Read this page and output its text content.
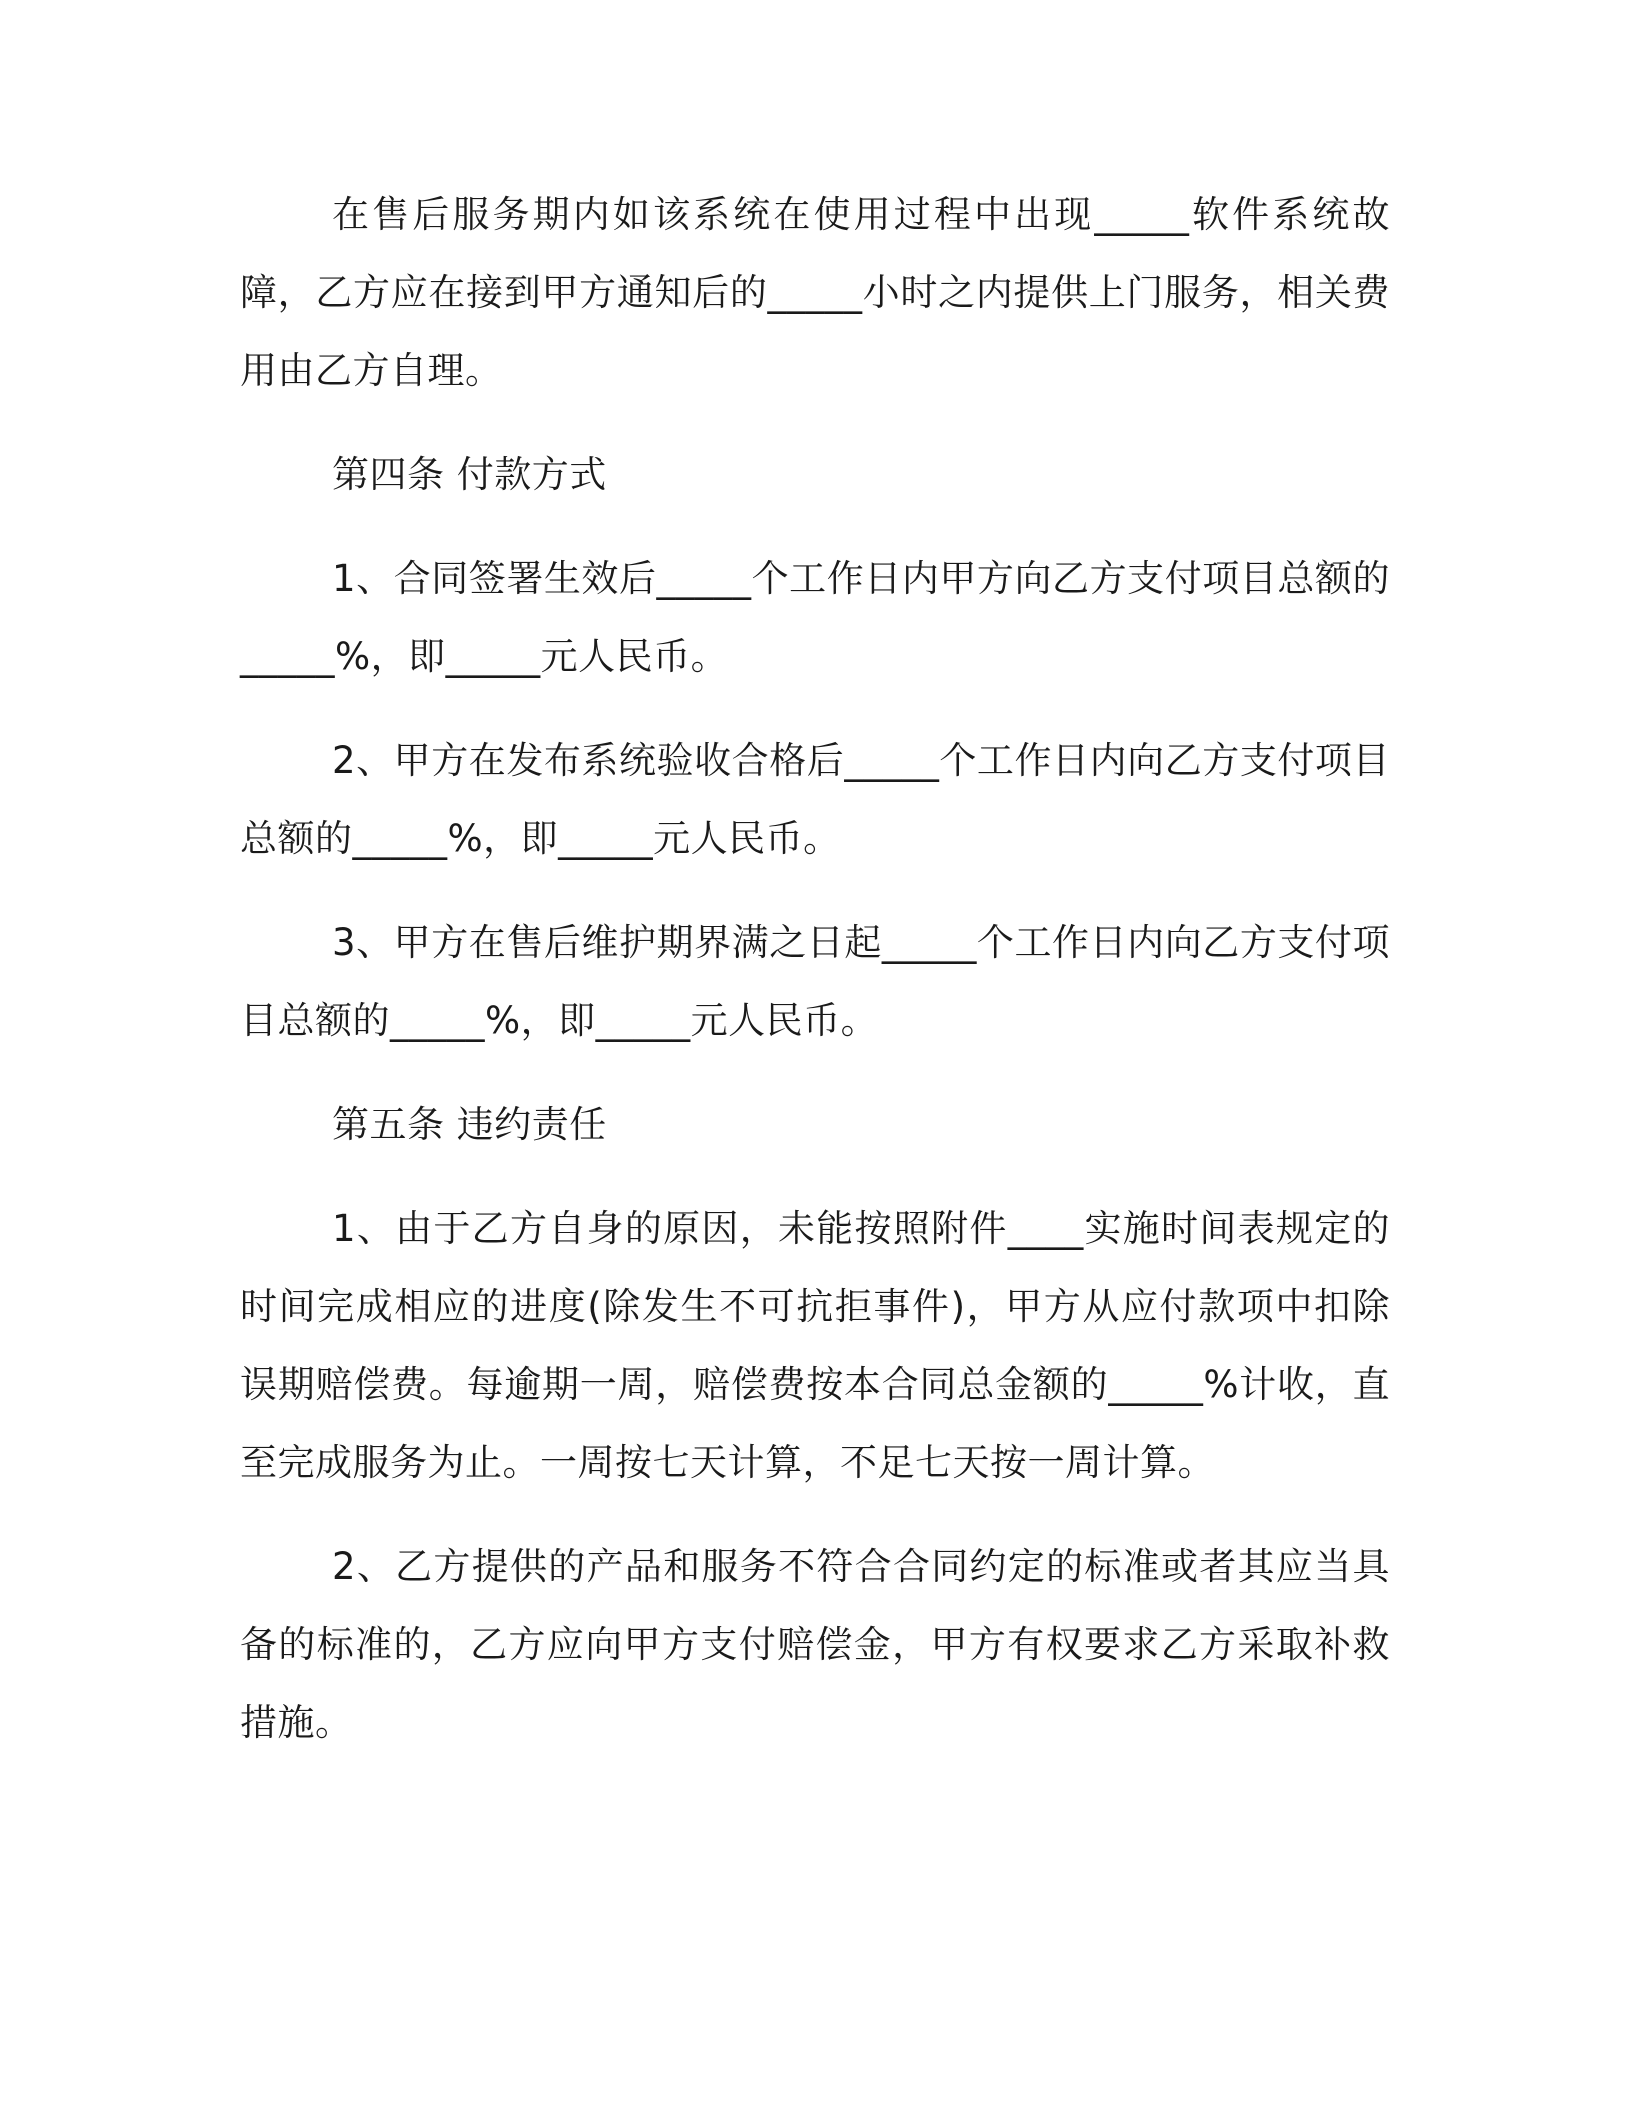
在售后服务期内如该系统在使用过程中出现_____软件系统故障，乙方应在接到甲方通知后的_____小时之内提供上门服务，相关费用由乙方自理。

第四条 付款方式

1、合同签署生效后_____个工作日内甲方向乙方支付项目总额的_____%，即_____元人民币。

2、甲方在发布系统验收合格后_____个工作日内向乙方支付项目总额的_____%，即_____元人民币。

3、甲方在售后维护期界满之日起_____个工作日内向乙方支付项目总额的_____%，即_____元人民币。

第五条 违约责任

1、由于乙方自身的原因，未能按照附件____实施时间表规定的时间完成相应的进度(除发生不可抗拒事件)，甲方从应付款项中扣除误期赔偿费。每逾期一周，赔偿费按本合同总金额的_____%计收，直至完成服务为止。一周按七天计算，不足七天按一周计算。

2、乙方提供的产品和服务不符合合同约定的标准或者其应当具备的标准的，乙方应向甲方支付赔偿金，甲方有权要求乙方采取补救措施。
